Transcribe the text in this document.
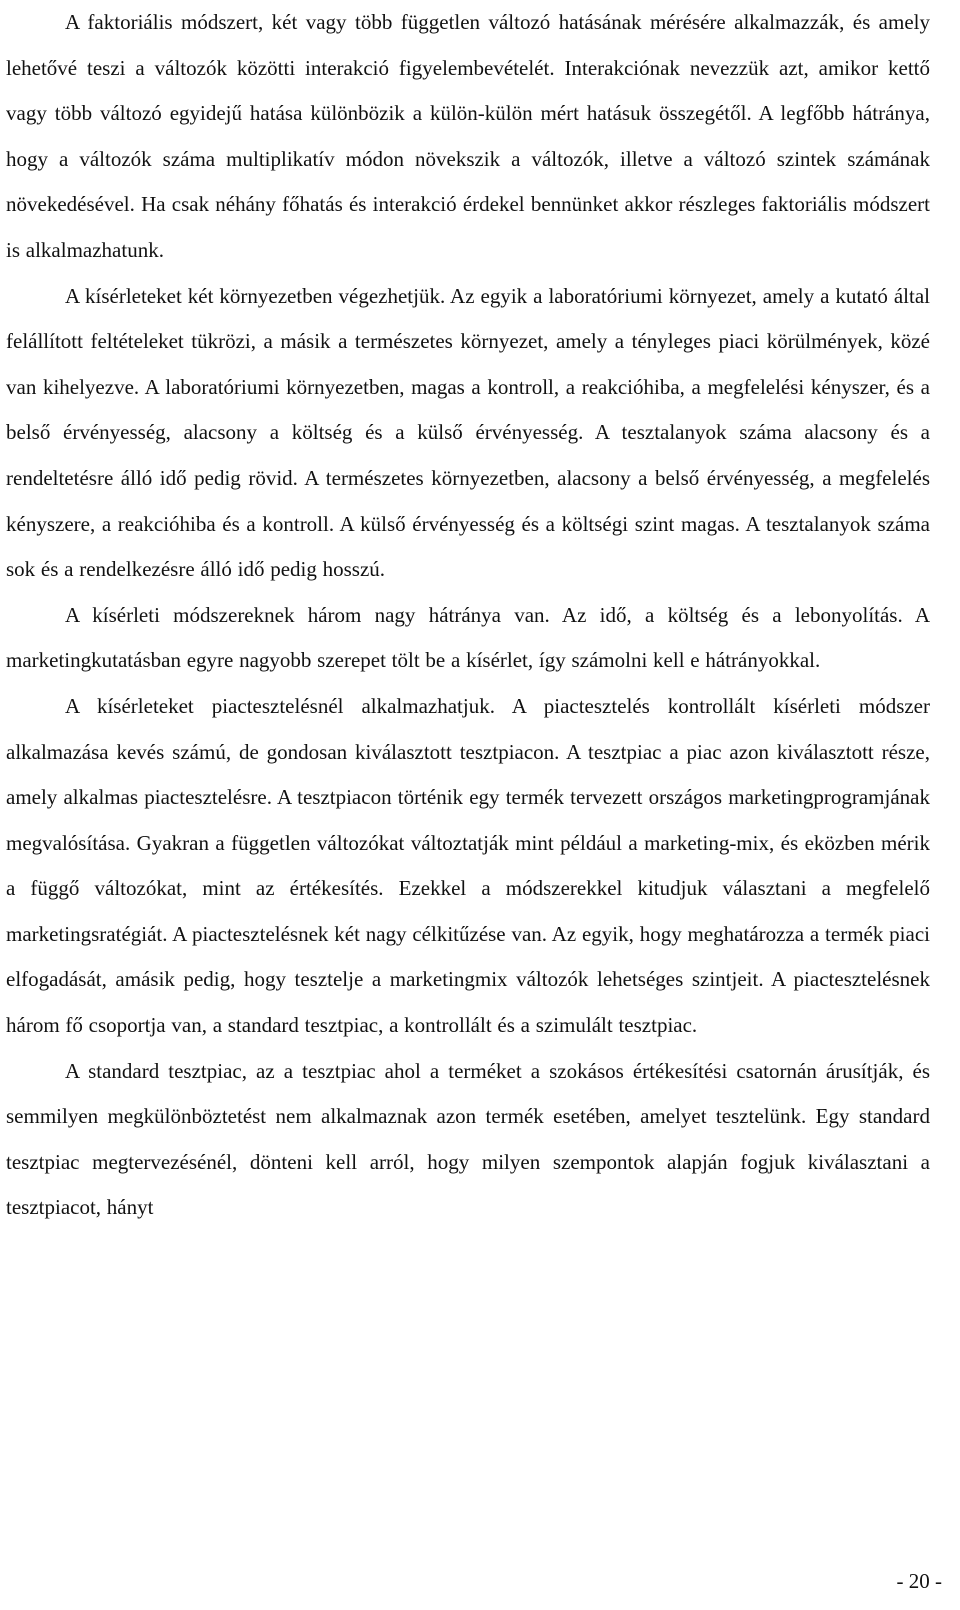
A faktoriális módszert, két vagy több független változó hatásának mérésére alkalmazzák, és amely lehetővé teszi a változók közötti interakció figyelembevételét. Interakciónak nevezzük azt, amikor kettő vagy több változó egyidejű hatása különbözik a külön-külön mért hatásuk összegétől. A legfőbb hátránya, hogy a változók száma multiplikatív módon növekszik a változók, illetve a változó szintek számának növekedésével. Ha csak néhány főhatás és interakció érdekel bennünket akkor részleges faktoriális módszert is alkalmazhatunk.

A kísérleteket két környezetben végezhetjük. Az egyik a laboratóriumi környezet, amely a kutató által felállított feltételeket tükrözi, a másik a természetes környezet, amely a tényleges piaci körülmények, közé van kihelyezve. A laboratóriumi környezetben, magas a kontroll, a reakcióhiba, a megfelelési kényszer, és a belső érvényesség, alacsony a költség és a külső érvényesség. A tesztalanyok száma alacsony és a rendeltetésre álló idő pedig rövid. A természetes környezetben, alacsony a belső érvényesség, a megfelelés kényszere, a reakcióhiba és a kontroll. A külső érvényesség és a költségi szint magas. A tesztalanyok száma sok és a rendelkezésre álló idő pedig hosszú.

A kísérleti módszereknek három nagy hátránya van. Az idő, a költség és a lebonyolítás. A marketingkutatásban egyre nagyobb szerepet tölt be a kísérlet, így számolni kell e hátrányokkal.

A kísérleteket piactesztelésnél alkalmazhatjuk. A piactesztelés kontrollált kísérleti módszer alkalmazása kevés számú, de gondosan kiválasztott tesztpiacon. A tesztpiac a piac azon kiválasztott része, amely alkalmas piactesztelésre. A tesztpiacon történik egy termék tervezett országos marketingprogramjának megvalósítása. Gyakran a független változókat változtatják mint például a marketing-mix, és eközben mérik a függő változókat, mint az értékesítés. Ezekkel a módszerekkel kitudjuk választani a megfelelő marketingsratégiát. A piactesztelésnek két nagy célkitűzése van. Az egyik, hogy meghatározza a termék piaci elfogadását, amásik pedig, hogy tesztelje a marketingmix változók lehetséges szintjeit. A piactesztelésnek három fő csoportja van, a standard tesztpiac, a kontrollált és a szimulált tesztpiac.

A standard tesztpiac, az a tesztpiac ahol a terméket a szokásos értékesítési csatornán árusítják, és semmilyen megkülönböztetést nem alkalmaznak azon termék esetében, amelyet tesztelünk. Egy standard tesztpiac megtervezésénél, dönteni kell arról, hogy milyen szempontok alapján fogjuk kiválasztani a tesztpiacot, hányt

- 20 -
